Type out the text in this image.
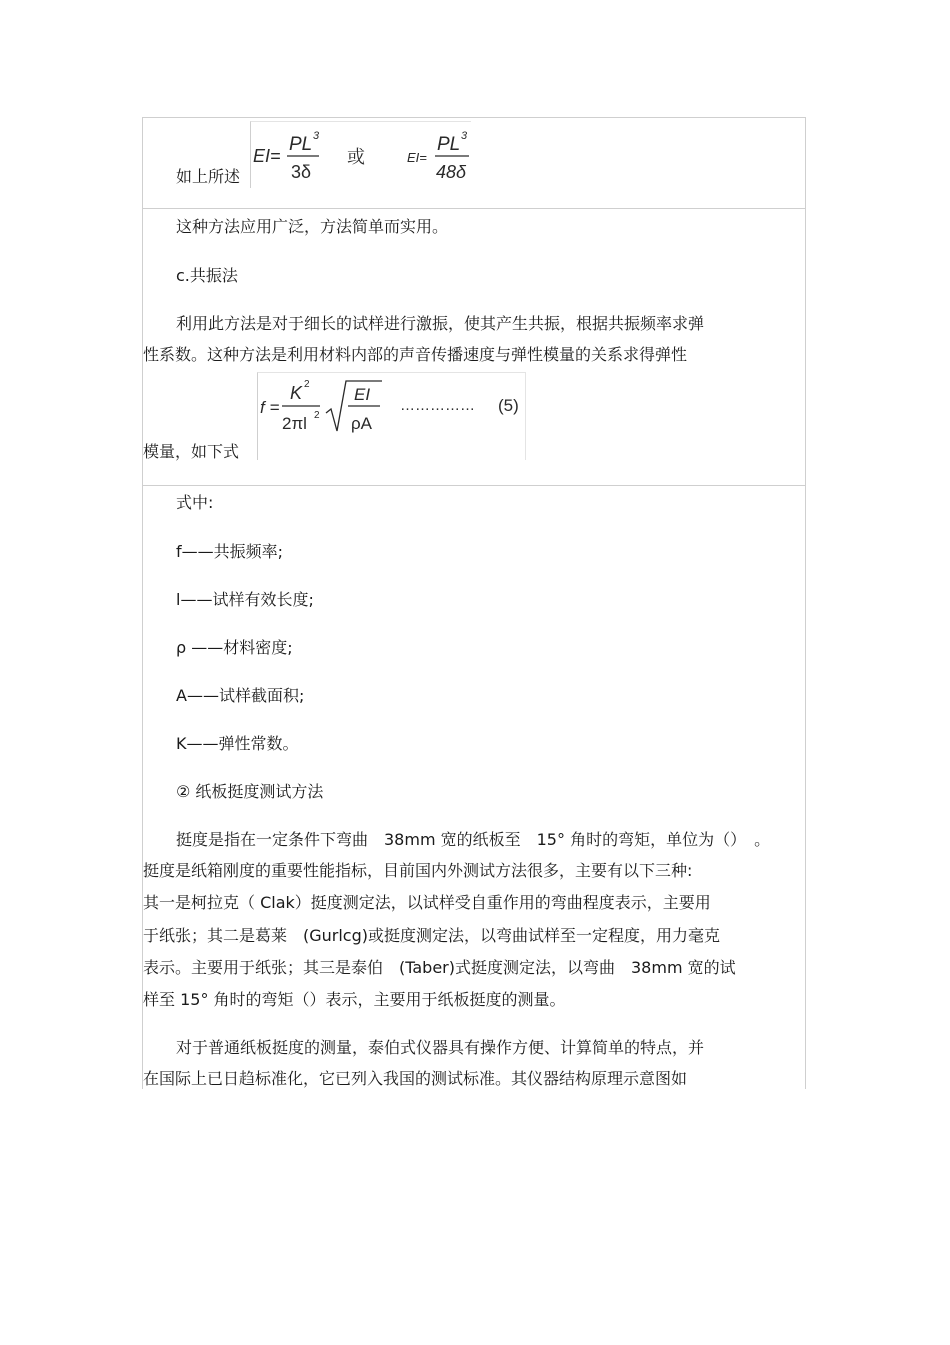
如上所述
EI=
PL 3
3δ
或	EI=
PL 3
48δ
这种方法应用广泛，方法简单而实用。
c.共振法
利用此方法是对于细长的试样进行激振，使其产生共振，根据共振频率求弹
性系数。这种方法是利用材料内部的声音传播速度与弹性模量的关系求得弹性
模量，如下式
f =
K 2
2πl 2
EI
ρA
…………… (5)
式中:
f——共振频率;
l——试样有效长度;
ρ ——材料密度;
A——试样截面积;
K——弹性常数。
② 纸板挺度测试方法
挺度是指在一定条件下弯曲　38mm 宽的纸板至　15° 角时的弯矩，单位为（）　。
挺度是纸箱刚度的重要性能指标，目前国内外测试方法很多，主要有以下三种:
其一是柯拉克（ Clak）挺度测定法，以试样受自重作用的弯曲程度表示，主要用
于纸张；其二是葛莱　(Gurlcg)或挺度测定法，以弯曲试样至一定程度，用力毫克
表示。主要用于纸张；其三是泰伯　(Taber)式挺度测定法，以弯曲　38mm 宽的试
样至 15° 角时的弯矩（）表示，主要用于纸板挺度的测量。
对于普通纸板挺度的测量，泰伯式仪器具有操作方便、计算简单的特点，并
在国际上已日趋标准化，它已列入我国的测试标准。其仪器结构原理示意图如
